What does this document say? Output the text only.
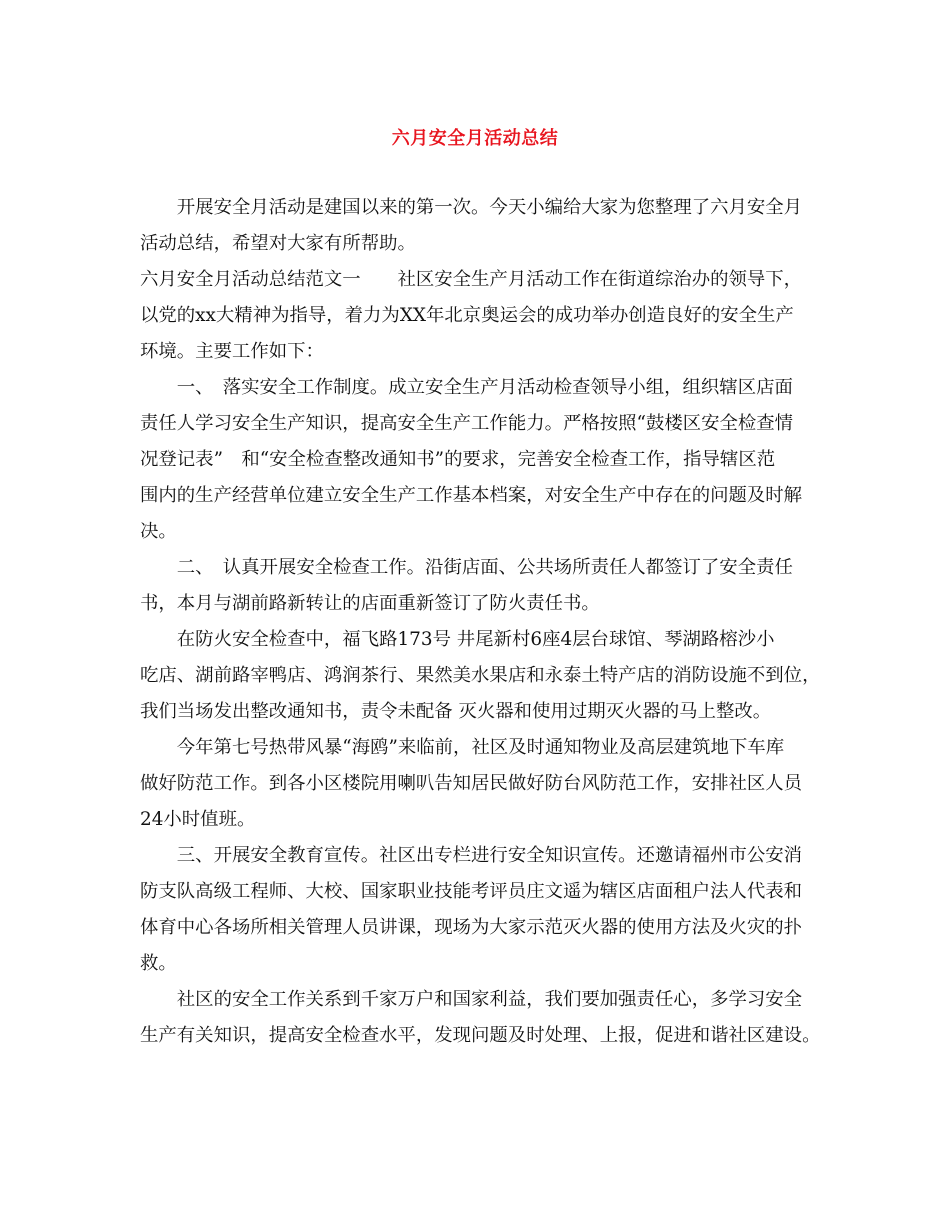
六月安全月活动总结
　　开展安全月活动是建国以来的第一次。今天小编给大家为您整理了六月安全月
活动总结，希望对大家有所帮助。
六月安全月活动总结范文一　　社区安全生产月活动工作在街道综治办的领导下，
以党的xx大精神为指导，着力为XX年北京奥运会的成功举办创造良好的安全生产
环境。主要工作如下：
　　一、　落实安全工作制度。成立安全生产月活动检查领导小组，组织辖区店面
责任人学习安全生产知识，提高安全生产工作能力。严格按照“鼓楼区安全检查情
况登记表”　和“安全检查整改通知书”的要求，完善安全检查工作，指导辖区范
围内的生产经营单位建立安全生产工作基本档案，对安全生产中存在的问题及时解
决。
　　二、　认真开展安全检查工作。沿街店面、公共场所责任人都签订了安全责任
书，本月与湖前路新转让的店面重新签订了防火责任书。
　　在防火安全检查中，福飞路173号 井尾新村6座4层台球馆、琴湖路榕沙小
吃店、湖前路宰鸭店、鸿润茶行、果然美水果店和永泰土特产店的消防设施不到位，
我们当场发出整改通知书，责令未配备 灭火器和使用过期灭火器的马上整改。
　　今年第七号热带风暴“海鸥”来临前，社区及时通知物业及高层建筑地下车库
做好防范工作。到各小区楼院用喇叭告知居民做好防台风防范工作，安排社区人员
24小时值班。
　　三、开展安全教育宣传。社区出专栏进行安全知识宣传。还邀请福州市公安消
防支队高级工程师、大校、国家职业技能考评员庄文遥为辖区店面租户法人代表和
体育中心各场所相关管理人员讲课，现场为大家示范灭火器的使用方法及火灾的扑
救。
　　社区的安全工作关系到千家万户和国家利益，我们要加强责任心，多学习安全
生产有关知识，提高安全检查水平，发现问题及时处理、上报，促进和谐社区建设。
